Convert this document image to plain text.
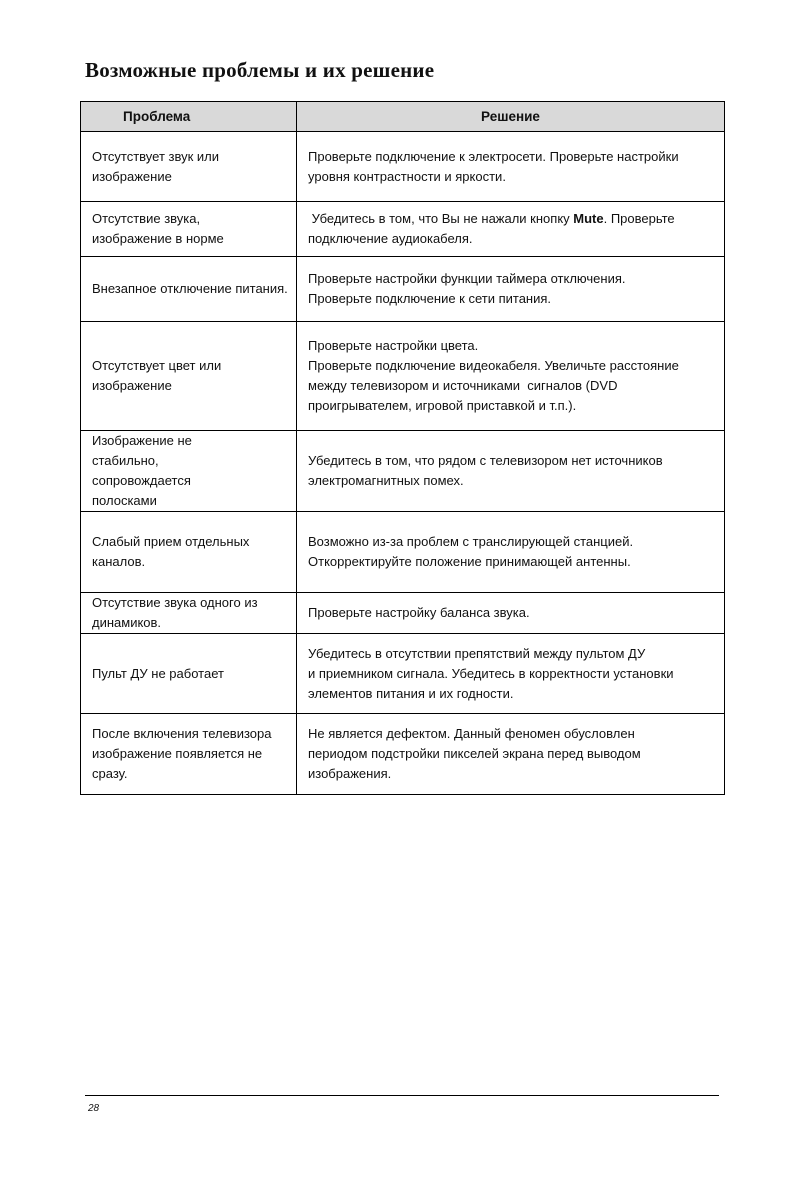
Возможные проблемы и их решение
Проблема	Решение

Отсутствует звук или
изображение	Проверьте подключение к электросети. Проверьте настройки
уровня контрастности и яркости.

Отсутствие звука,
изображение в норме	Убедитесь в том, что Вы не нажали кнопку Mute. Проверьте
подключение аудиокабеля.

Внезапное отключение питания.	Проверьте настройки функции таймера отключения.
Проверьте подключение к сети питания.

Отсутствует цвет или
изображение	Проверьте настройки цвета.
Проверьте подключение видеокабеля. Увеличьте расстояние
между телевизором и источниками  сигналов (DVD
проигрывателем, игровой приставкой и т.п.).

Изображение не
стабильно,
сопровождается
полосками	Убедитесь в том, что рядом с телевизором нет источников
электромагнитных помех.

Слабый прием отдельных
каналов.	Возможно из-за проблем с транслирующей станцией.
Откорректируйте положение принимающей антенны.

Отсутствие звука одного из
динамиков.	Проверьте настройку баланса звука.

Пульт ДУ не работает	Убедитесь в отсутствии препятствий между пультом ДУ
и приемником сигнала. Убедитесь в корректности установки
элементов питания и их годности.

После включения телевизора
изображение появляется не
сразу.	Не является дефектом. Данный феномен обусловлен
периодом подстройки пикселей экрана перед выводом
изображения.
28
